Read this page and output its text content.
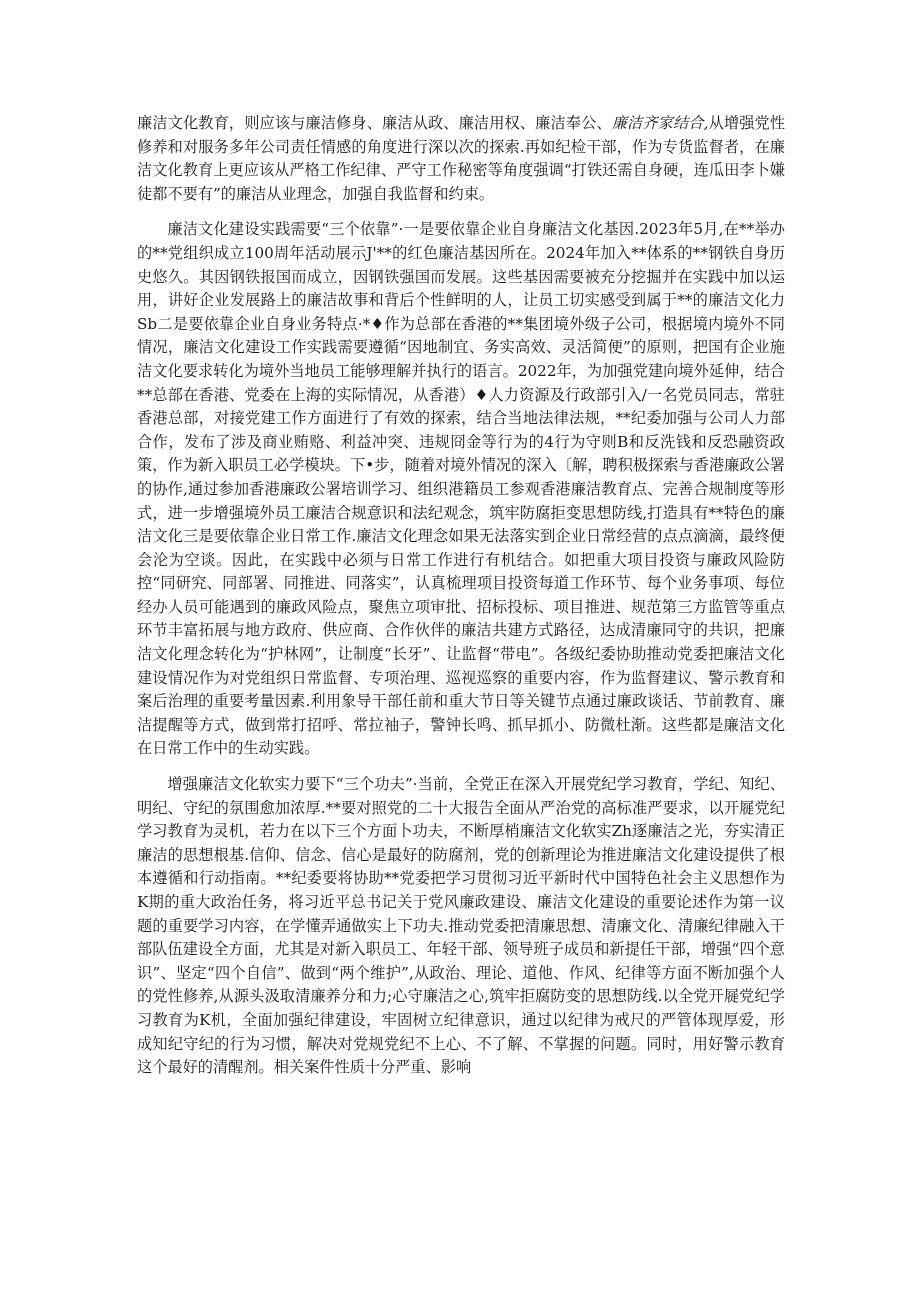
廉洁文化教育，则应该与廉洁修身、廉洁从政、廉洁用权、廉洁奉公、廉洁齐家结合,从增强党性修养和对服务多年公司责任情感的角度进行深以次的探索.再如纪检干部，作为专货监督者，在廉洁文化教育上更应该从严格工作纪律、严守工作秘密等角度强调“打铁还需自身硬，连瓜田李卜嫌徒都不要有”的廉洁从业理念，加强自我监督和约束。

廉洁文化建设实践需要“三个依靠”·一是要依靠企业自身廉洁文化基因.2023年5月,在**举办的**党组织成立100周年活动展示J'**的红色廉洁基因所在。2024年加入**体系的**钢铁自身历史悠久。其因钢铁报国而成立，因钢铁强国而发展。这些基因需要被充分挖掘并在实践中加以运用，讲好企业发展路上的廉洁故事和背后个性鲜明的人，让员工切实感受到属于**的廉洁文化力Sb二是要依靠企业自身业务特点·*♦作为总部在香港的**集团境外级子公司，根据境内境外不同情况，廉洁文化建设工作实践需要遵循“因地制宜、务实高效、灵活简便”的原则，把国有企业施洁文化要求转化为境外当地员工能够理解并执行的语言。2022年，为加强党建向境外延伸，结合**总部在香港、党委在上海的实际情况，从香港）♦人力资源及行政部引入/一名党员同志，常驻香港总部，对接党建工作方面进行了有效的探索，结合当地法律法规，**纪委加强与公司人力部合作，发布了涉及商业贿赂、利益冲突、违规冏金等行为的4行为守则B和反洗钱和反恐融资政策，作为新入职员工必学模块。下•步，随着对境外情况的深入〔解，聘积极探索与香港廉政公署的协作,通过参加香港廉政公署培训学习、组织港籍员工参观香港廉洁教育点、完善合规制度等形式，进一步增强境外员工廉洁合规意识和法纪观念，筑牢防腐拒变思想防线,打造具有**特色的廉洁文化三是要依靠企业日常工作.廉洁文化理念如果无法落实到企业日常经营的点点滴滴，最终便会沦为空谈。因此，在实践中必须与日常工作进行有机结合。如把重大项目投资与廉政风险防控“同研究、同部署、同推进、同落实”，认真梳理项目投资每道工作环节、每个业务事项、每位经办人员可能遇到的廉政风险点，聚焦立项审批、招标投标、项目推进、规范第三方监管等重点环节丰富拓展与地方政府、供应商、合作伙伴的廉洁共建方式路径，达成清廉同守的共识，把廉洁文化理念转化为“护林网”，让制度“长牙”、让监督“带电”。各级纪委协助推动党委把廉洁文化建设情况作为对党组织日常监督、专项治理、巡视巡察的重要内容，作为监督建议、警示教育和案后治理的重要考量因素.利用象导干部任前和重大节日等关键节点通过廉政谈话、节前教育、廉洁提醒等方式，做到常打招呼、常拉袖子，警钟长鸣、抓早抓小、防微杜渐。这些都是廉洁文化在日常工作中的生动实践。

增强廉洁文化软实力要下“三个功夫”·当前，全党正在深入开展党纪学习教育，学纪、知纪、明纪、守纪的氛围愈加浓厚.**要对照党的二十大报告全面从严治党的高标准严要求，以开屣党纪学习教育为灵机，若力在以下三个方面卜功夫，不断厚梢廉洁文化软实Zh逐廉洁之光，夯实清正廉洁的思想根基.信仰、信念、信心是最好的防腐剂，党的创新理论为推进廉洁文化建设提供了根本遵循和行动指南。**纪委要将协助**党委把学习贯彻习近平新时代中国特色社会主义思想作为K期的重大政治任务，将习近平总书记关于党风廉政建设、廉洁文化建设的重要论述作为第一议题的重要学习内容，在学懂弄通做实上下功夫.推动党委把清廉思想、清廉文化、清廉纪律融入干部队伍建设全方面，尤其是对新入职员工、年轻干部、领导班子成员和新提任干部，增强“四个意识”、坚定“四个自信”、做到“两个维护”,从政治、理论、道他、作风、纪律等方面不断加强个人的党性修养,从源头汲取清廉养分和力;心守廉洁之心,筑牢拒腐防变的思想防线.以全党开屣党纪学习教育为K机，全面加强纪律建设，牢固树立纪律意识，通过以纪律为戒尺的严管体现厚爱，形成知纪守纪的行为习惯，解决对党规党纪不上心、不了解、不掌握的问题。同时，用好警示教育这个最好的清醒剂。相关案件性质十分严重、影响
